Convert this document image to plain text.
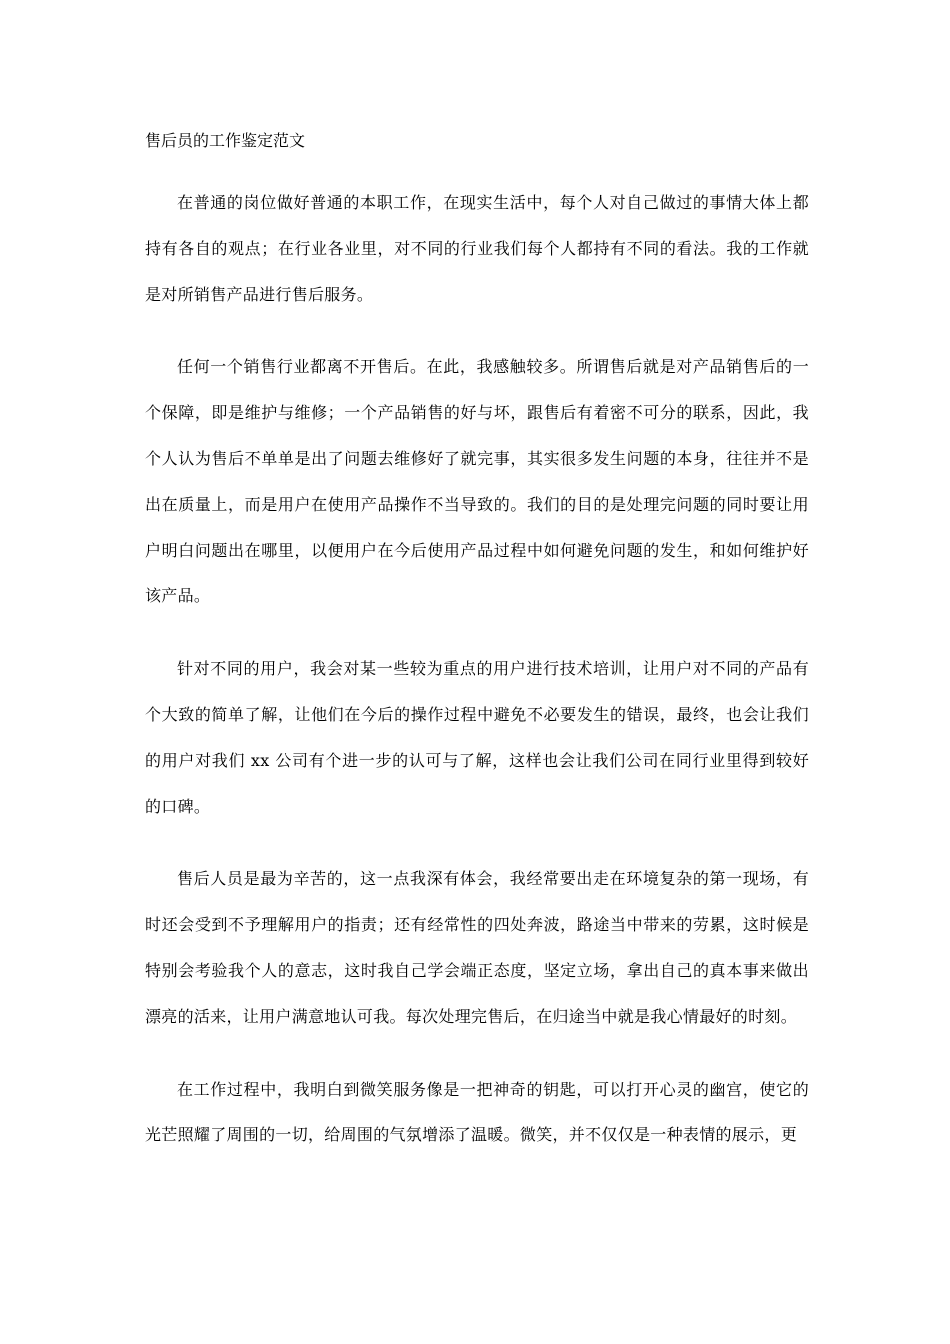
售后员的工作鉴定范文

在普通的岗位做好普通的本职工作，在现实生活中，每个人对自己做过的事情大体上都持有各自的观点；在行业各业里，对不同的行业我们每个人都持有不同的看法。我的工作就是对所销售产品进行售后服务。

任何一个销售行业都离不开售后。在此，我感触较多。所谓售后就是对产品销售后的一个保障，即是维护与维修；一个产品销售的好与坏，跟售后有着密不可分的联系，因此，我个人认为售后不单单是出了问题去维修好了就完事，其实很多发生问题的本身，往往并不是出在质量上，而是用户在使用产品操作不当导致的。我们的目的是处理完问题的同时要让用户明白问题出在哪里，以便用户在今后使用产品过程中如何避免问题的发生，和如何维护好该产品。

针对不同的用户，我会对某一些较为重点的用户进行技术培训，让用户对不同的产品有个大致的简单了解，让他们在今后的操作过程中避免不必要发生的错误，最终，也会让我们的用户对我们 xx 公司有个进一步的认可与了解，这样也会让我们公司在同行业里得到较好的口碑。

售后人员是最为辛苦的，这一点我深有体会，我经常要出走在环境复杂的第一现场，有时还会受到不予理解用户的指责；还有经常性的四处奔波，路途当中带来的劳累，这时候是特别会考验我个人的意志，这时我自己学会端正态度，坚定立场，拿出自己的真本事来做出漂亮的活来，让用户满意地认可我。每次处理完售后，在归途当中就是我心情最好的时刻。

在工作过程中，我明白到微笑服务像是一把神奇的钥匙，可以打开心灵的幽宫，使它的光芒照耀了周围的一切，给周围的气氛增添了温暖。微笑，并不仅仅是一种表情的展示，更
